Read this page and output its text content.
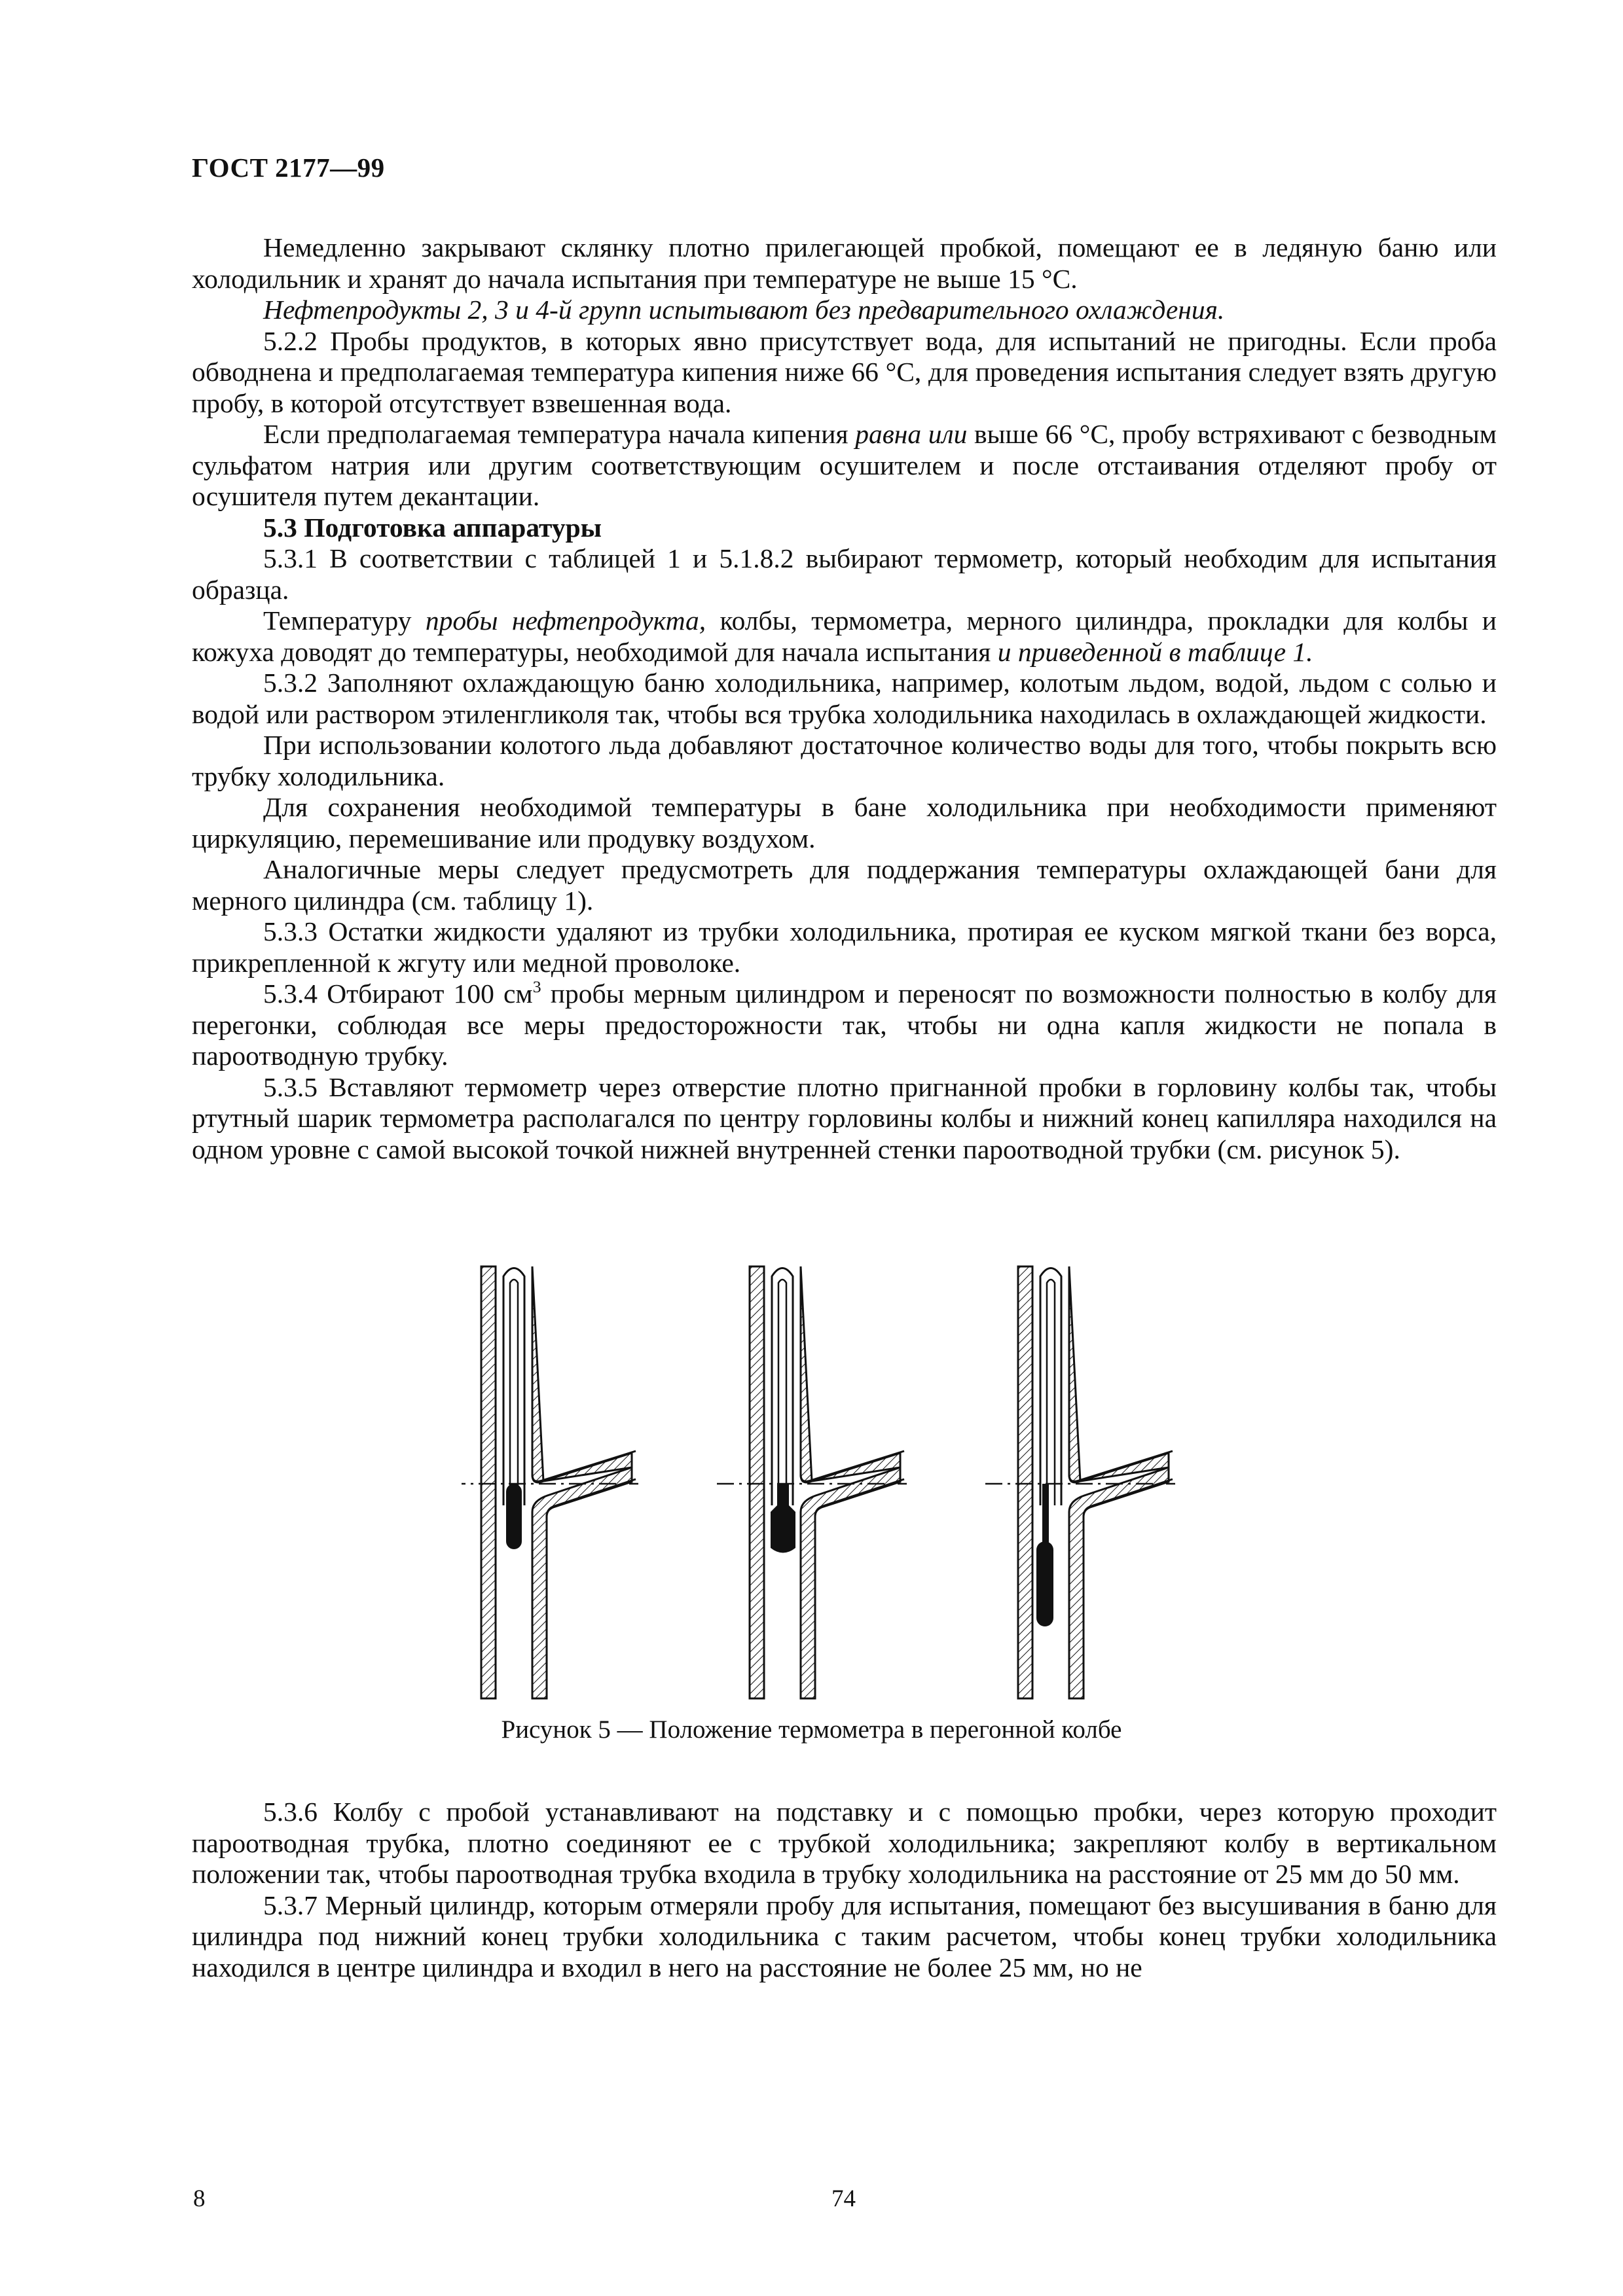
ГОСТ 2177—99

Немедленно закрывают склянку плотно прилегающей пробкой, помещают ее в ледяную баню или холодильник и хранят до начала испытания при температуре не выше 15 °С.

Нефтепродукты 2, 3 и 4-й групп испытывают без предварительного охлаждения.

5.2.2 Пробы продуктов, в которых явно присутствует вода, для испытаний не пригодны. Если проба обводнена и предполагаемая температура кипения ниже 66 °С, для проведения испытания следует взять другую пробу, в которой отсутствует взвешенная вода.

Если предполагаемая температура начала кипения равна или выше 66 °С, пробу встряхивают с безводным сульфатом натрия или другим соответствующим осушителем и после отстаивания отделяют пробу от осушителя путем декантации.

5.3 Подготовка аппаратуры

5.3.1 В соответствии с таблицей 1 и 5.1.8.2 выбирают термометр, который необходим для испытания образца.

Температуру пробы нефтепродукта, колбы, термометра, мерного цилиндра, прокладки для колбы и кожуха доводят до температуры, необходимой для начала испытания и приведенной в таблице 1.

5.3.2 Заполняют охлаждающую баню холодильника, например, колотым льдом, водой, льдом с солью и водой или раствором этиленгликоля так, чтобы вся трубка холодильника находилась в охлаждающей жидкости.

При использовании колотого льда добавляют достаточное количество воды для того, чтобы покрыть всю трубку холодильника.

Для сохранения необходимой температуры в бане холодильника при необходимости применяют циркуляцию, перемешивание или продувку воздухом.

Аналогичные меры следует предусмотреть для поддержания температуры охлаждающей бани для мерного цилиндра (см. таблицу 1).

5.3.3 Остатки жидкости удаляют из трубки холодильника, протирая ее куском мягкой ткани без ворса, прикрепленной к жгуту или медной проволоке.

5.3.4 Отбирают 100 $см^3$ пробы мерным цилиндром и переносят по возможности полностью в колбу для перегонки, соблюдая все меры предосторожности так, чтобы ни одна капля жидкости не попала в пароотводную трубку.

5.3.5 Вставляют термометр через отверстие плотно пригнанной пробки в горловину колбы так, чтобы ртутный шарик термометра располагался по центру горловины колбы и нижний конец капилляра находился на одном уровне с самой высокой точкой нижней внутренней стенки пароотводной трубки (см. рисунок 5).

Рисунок 5 — Положение термометра в перегонной колбе

5.3.6 Колбу с пробой устанавливают на подставку и с помощью пробки, через которую проходит пароотводная трубка, плотно соединяют ее с трубкой холодильника; закрепляют колбу в вертикальном положении так, чтобы пароотводная трубка входила в трубку холодильника на расстояние от 25 мм до 50 мм.

5.3.7 Мерный цилиндр, которым отмеряли пробу для испытания, помещают без высушивания в баню для цилиндра под нижний конец трубки холодильника с таким расчетом, чтобы конец трубки холодильника находился в центре цилиндра и входил в него на расстояние не более 25 мм, но не

8	74
